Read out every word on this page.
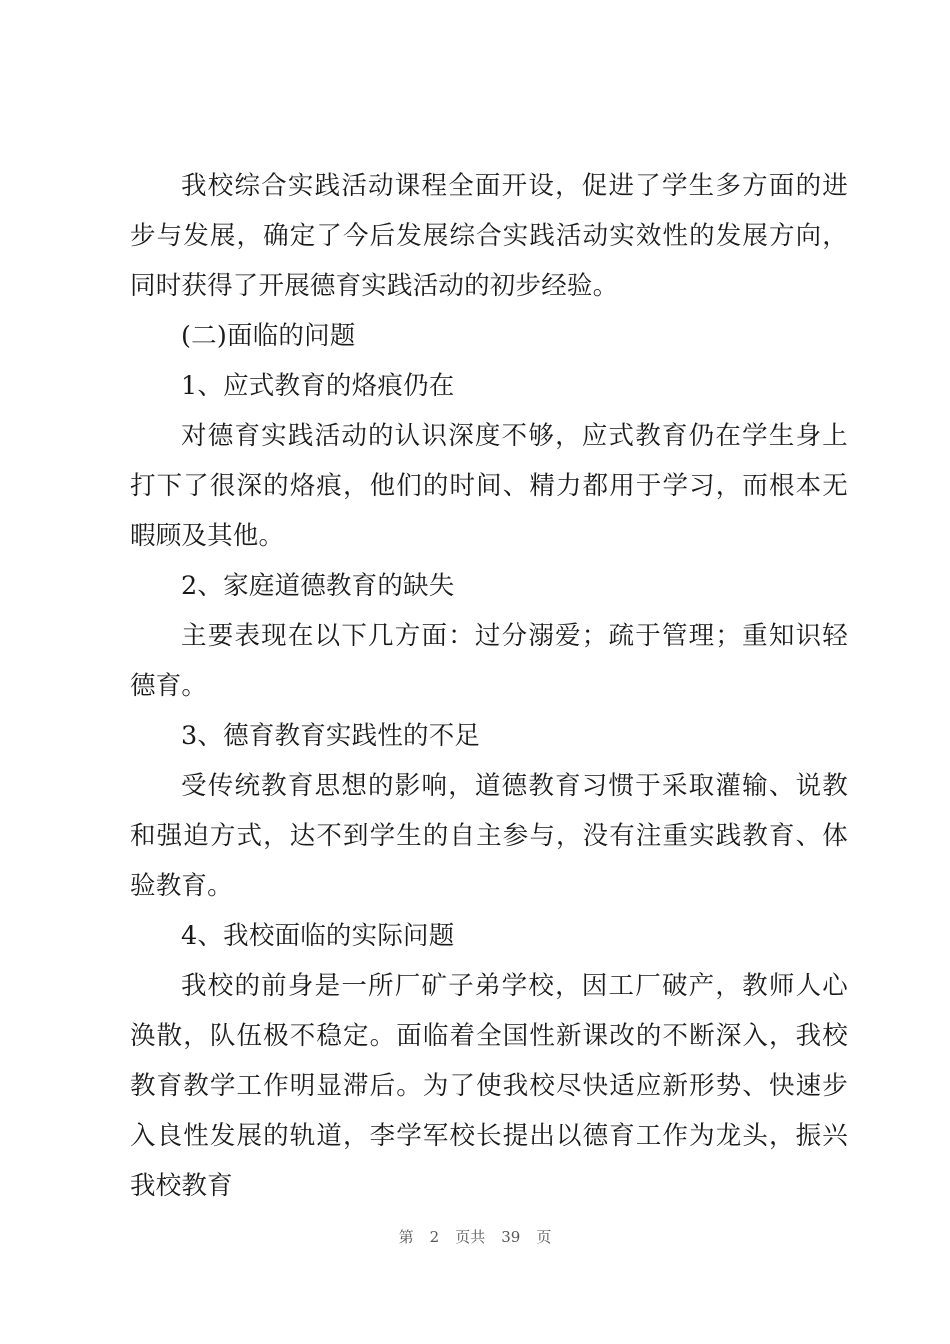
我校综合实践活动课程全面开设，促进了学生多方面的进步与发展，确定了今后发展综合实践活动实效性的发展方向，同时获得了开展德育实践活动的初步经验。

(二)面临的问题

1、应式教育的烙痕仍在

对德育实践活动的认识深度不够，应式教育仍在学生身上打下了很深的烙痕，他们的时间、精力都用于学习，而根本无暇顾及其他。

2、家庭道德教育的缺失

主要表现在以下几方面：过分溺爱；疏于管理；重知识轻德育。

3、德育教育实践性的不足

受传统教育思想的影响，道德教育习惯于采取灌输、说教和强迫方式，达不到学生的自主参与，没有注重实践教育、体验教育。

4、我校面临的实际问题

我校的前身是一所厂矿子弟学校，因工厂破产，教师人心涣散，队伍极不稳定。面临着全国性新课改的不断深入，我校教育教学工作明显滞后。为了使我校尽快适应新形势、快速步入良性发展的轨道，李学军校长提出以德育工作为龙头，振兴我校教育

第 2 页共 39 页
